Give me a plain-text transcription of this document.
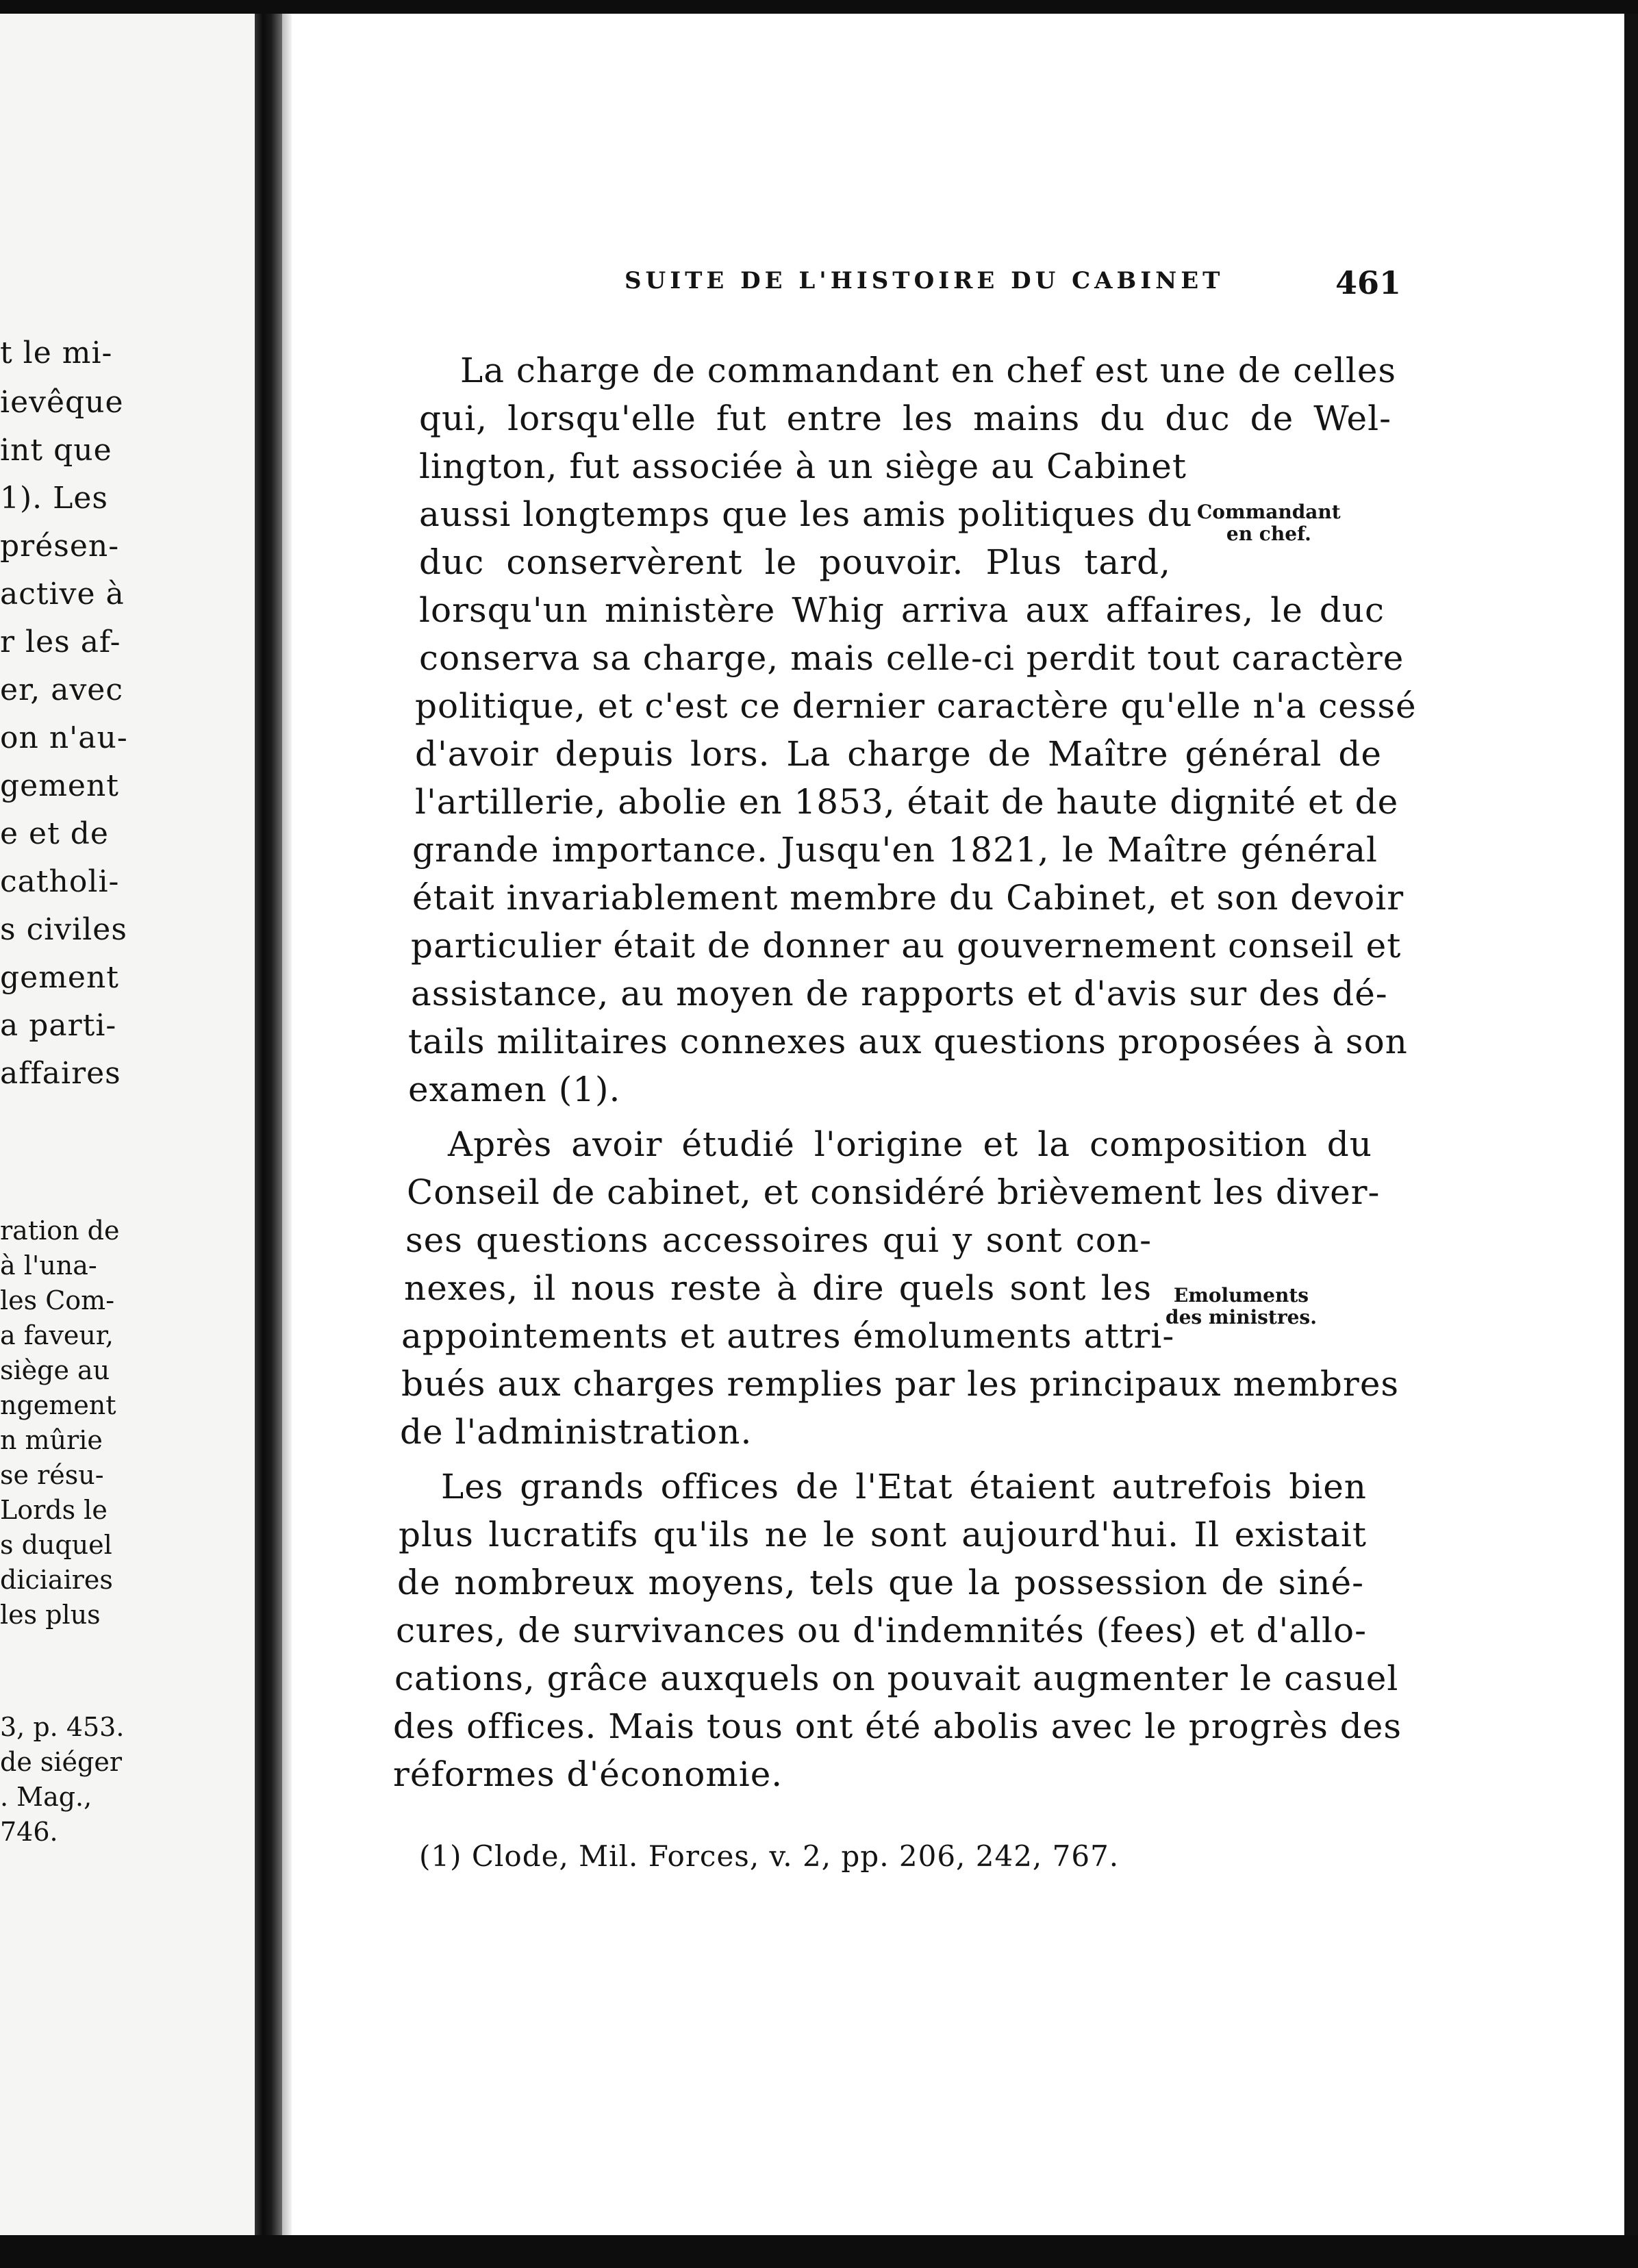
t le mi-
ievêque
int que
1). Les
présen-
active à
r les af-
er, avec
on n'au-
gement
e et de
catholi-
s civiles
gement
a parti-
affaires
ration de
à l'una-
les Com-
a faveur,
siège au
ngement
n mûrie
se résu-
Lords le
s duquel
diciaires
les plus
3, p. 453.
de siéger
. Mag.,
746.
SUITE DE L'HISTOIRE DU CABINET	461
La charge de commandant en chef est une de celles
qui, lorsqu'elle fut entre les mains du duc de Wel-
lington, fut associée à un siège au Cabinet
aussi longtemps que les amis politiques du
duc conservèrent le pouvoir. Plus tard,
lorsqu'un ministère Whig arriva aux affaires, le duc
conserva sa charge, mais celle-ci perdit tout caractère
politique, et c'est ce dernier caractère qu'elle n'a cessé
d'avoir depuis lors. La charge de Maître général de
l'artillerie, abolie en 1853, était de haute dignité et de
grande importance. Jusqu'en 1821, le Maître général
était invariablement membre du Cabinet, et son devoir
particulier était de donner au gouvernement conseil et
assistance, au moyen de rapports et d'avis sur des dé-
tails militaires connexes aux questions proposées à son
examen (1).
Après avoir étudié l'origine et la composition du
Conseil de cabinet, et considéré brièvement les diver-
ses questions accessoires qui y sont con-
nexes, il nous reste à dire quels sont les
appointements et autres émoluments attri-
bués aux charges remplies par les principaux membres
de l'administration.
Les grands offices de l'Etat étaient autrefois bien
plus lucratifs qu'ils ne le sont aujourd'hui. Il existait
de nombreux moyens, tels que la possession de siné-
cures, de survivances ou d'indemnités (fees) et d'allo-
cations, grâce auxquels on pouvait augmenter le casuel
des offices. Mais tous ont été abolis avec le progrès des
réformes d'économie.
Commandant
en chef.
Emoluments
des ministres.
(1) Clode, Mil. Forces, v. 2, pp. 206, 242, 767.
